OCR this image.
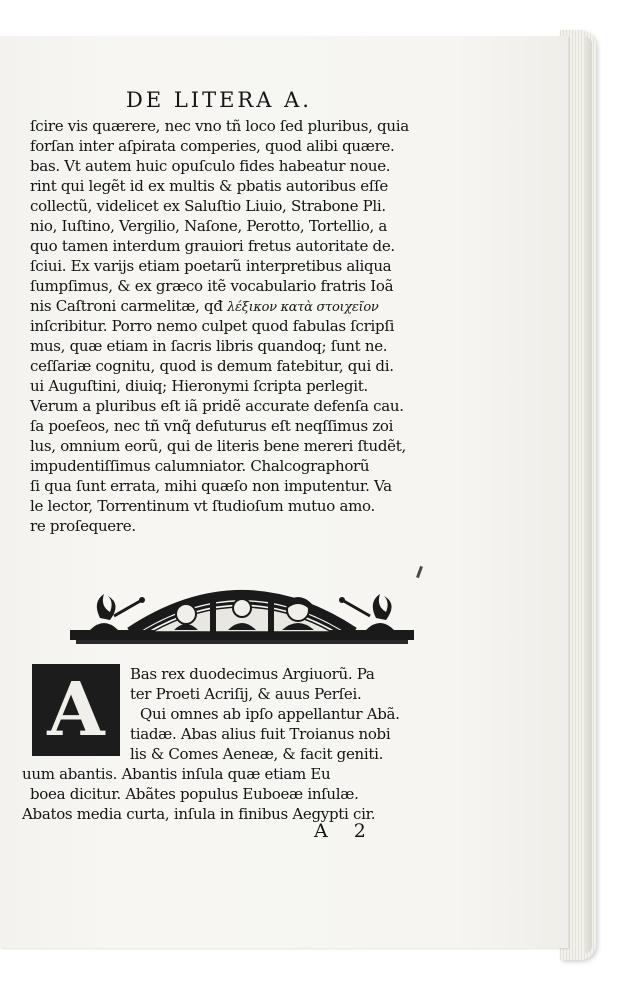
DE LITERA A.
ſcire vis quærere, nec vno tñ loco ſed pluribus, quia
forſan inter aſpirata comperies, quod alibi quære.
bas. Vt autem huic opuſculo fides habeatur noue.
rint qui legẽt id ex multis & pbatis autoribus eſſe
collectũ, videlicet ex Saluſtio Liuio, Strabone Pli.
nio, Iuſtino, Vergilio, Naſone, Perotto, Tortellio, a
quo tamen interdum grauiori fretus autoritate de.
ſciui. Ex varijs etiam poetarũ interpretibus aliqua
ſumpſimus, & ex græco itẽ vocabulario fratris Ioã
nis Caſtroni carmelitæ, qđ λέξικον κατὰ στοιχεῖον
inſcribitur. Porro nemo culpet quod fabulas ſcripſi
mus, quæ etiam in ſacris libris quandoq; ſunt ne.
ceſſariæ cognitu, quod is demum fatebitur, qui di.
ui Auguſtini, diuiq; Hieronymi ſcripta perlegit.
Verum a pluribus eſt iã pridẽ accurate defenſa cau.
ſa poeſeos, nec tñ vnq̃ defuturus eſt neqſſimus zoi
lus, omnium eorũ, qui de literis bene mereri ſtudẽt,
impudentiſſimus calumniator. Chalcographorũ
ſi qua ſunt errata, mihi quæſo non imputentur. Va
le lector, Torrentinum vt ſtudioſum mutuo amo.
re proſequere.
A Bas rex duodecimus Argiuorũ. Pa
ter Proeti Acriſij, & auus Perſei.
Qui omnes ab ipſo appellantur Abã.
tiadæ. Abas alius fuit Troianus nobi
lis & Comes Aeneæ, & facit geniti.
uum abantis. Abantis inſula quæ etiam Eu
boea dicitur. Abãtes populus Euboeæ inſulæ.
Abatos media curta, inſula in finibus Aegypti cir.
A 2
